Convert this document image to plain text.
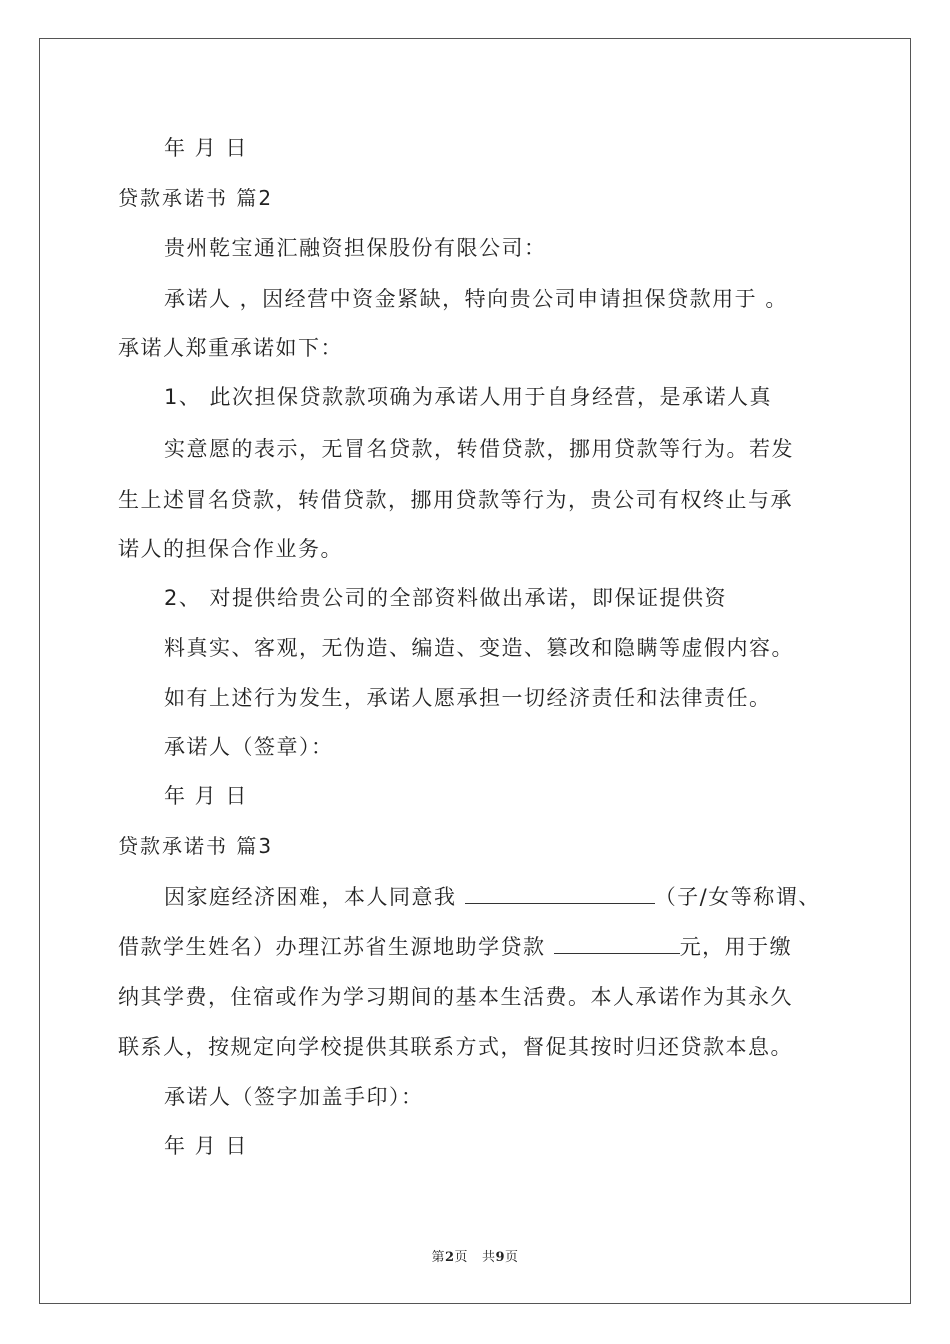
年 月 日
贷款承诺书 篇2
贵州乾宝通汇融资担保股份有限公司：
承诺人 ，因经营中资金紧缺，特向贵公司申请担保贷款用于 。
承诺人郑重承诺如下：
1、 此次担保贷款款项确为承诺人用于自身经营，是承诺人真
实意愿的表示，无冒名贷款，转借贷款，挪用贷款等行为。若发
生上述冒名贷款，转借贷款，挪用贷款等行为，贵公司有权终止与承
诺人的担保合作业务。
2、 对提供给贵公司的全部资料做出承诺，即保证提供资
料真实、客观，无伪造、编造、变造、篡改和隐瞒等虚假内容。
如有上述行为发生，承诺人愿承担一切经济责任和法律责任。
承诺人（签章）：
年 月 日
贷款承诺书 篇3
因家庭经济困难，本人同意我	（子/女等称谓、
借款学生姓名）办理江苏省生源地助学贷款	元，用于缴
纳其学费，住宿或作为学习期间的基本生活费。本人承诺作为其永久
联系人，按规定向学校提供其联系方式，督促其按时归还贷款本息。
承诺人（签字加盖手印）：
年 月 日
第2页 共9页
